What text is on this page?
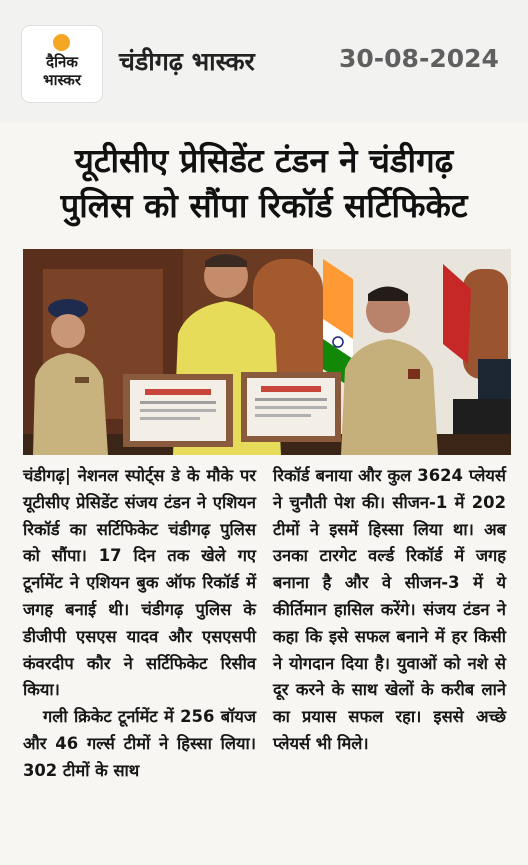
दैनिक
भास्कर
चंडीगढ़ भास्कर	30-08-2024
यूटीसीए प्रेसिडेंट टंडन ने चंडीगढ़
पुलिस को सौंपा रिकॉर्ड सर्टिफिकेट

चंडीगढ़| नेशनल स्पोर्ट्स डे के मौके पर यूटीसीए प्रेसिडेंट संजय टंडन ने एशियन रिकॉर्ड का सर्टिफिकेट चंडीगढ़ पुलिस को सौंपा। 17 दिन तक खेले गए टूर्नामेंट ने एशियन बुक ऑफ रिकॉर्ड में जगह बनाई थी। चंडीगढ़ पुलिस के डीजीपी एसएस यादव और एसएसपी कंवरदीप कौर ने सर्टिफिकेट रिसीव किया।

गली क्रिकेट टूर्नामेंट में 256 बॉयज और 46 गर्ल्स टीमों ने हिस्सा लिया। 302 टीमों के साथ

रिकॉर्ड बनाया और कुल 3624 प्लेयर्स ने चुनौती पेश की। सीजन-1 में 202 टीमों ने इसमें हिस्सा लिया था। अब उनका टारगेट वर्ल्ड रिकॉर्ड में जगह बनाना है और वे सीजन-3 में ये कीर्तिमान हासिल करेंगे। संजय टंडन ने कहा कि इसे सफल बनाने में हर किसी ने योगदान दिया है। युवाओं को नशे से दूर करने के साथ खेलों के करीब लाने का प्रयास सफल रहा। इससे अच्छे प्लेयर्स भी मिले।
